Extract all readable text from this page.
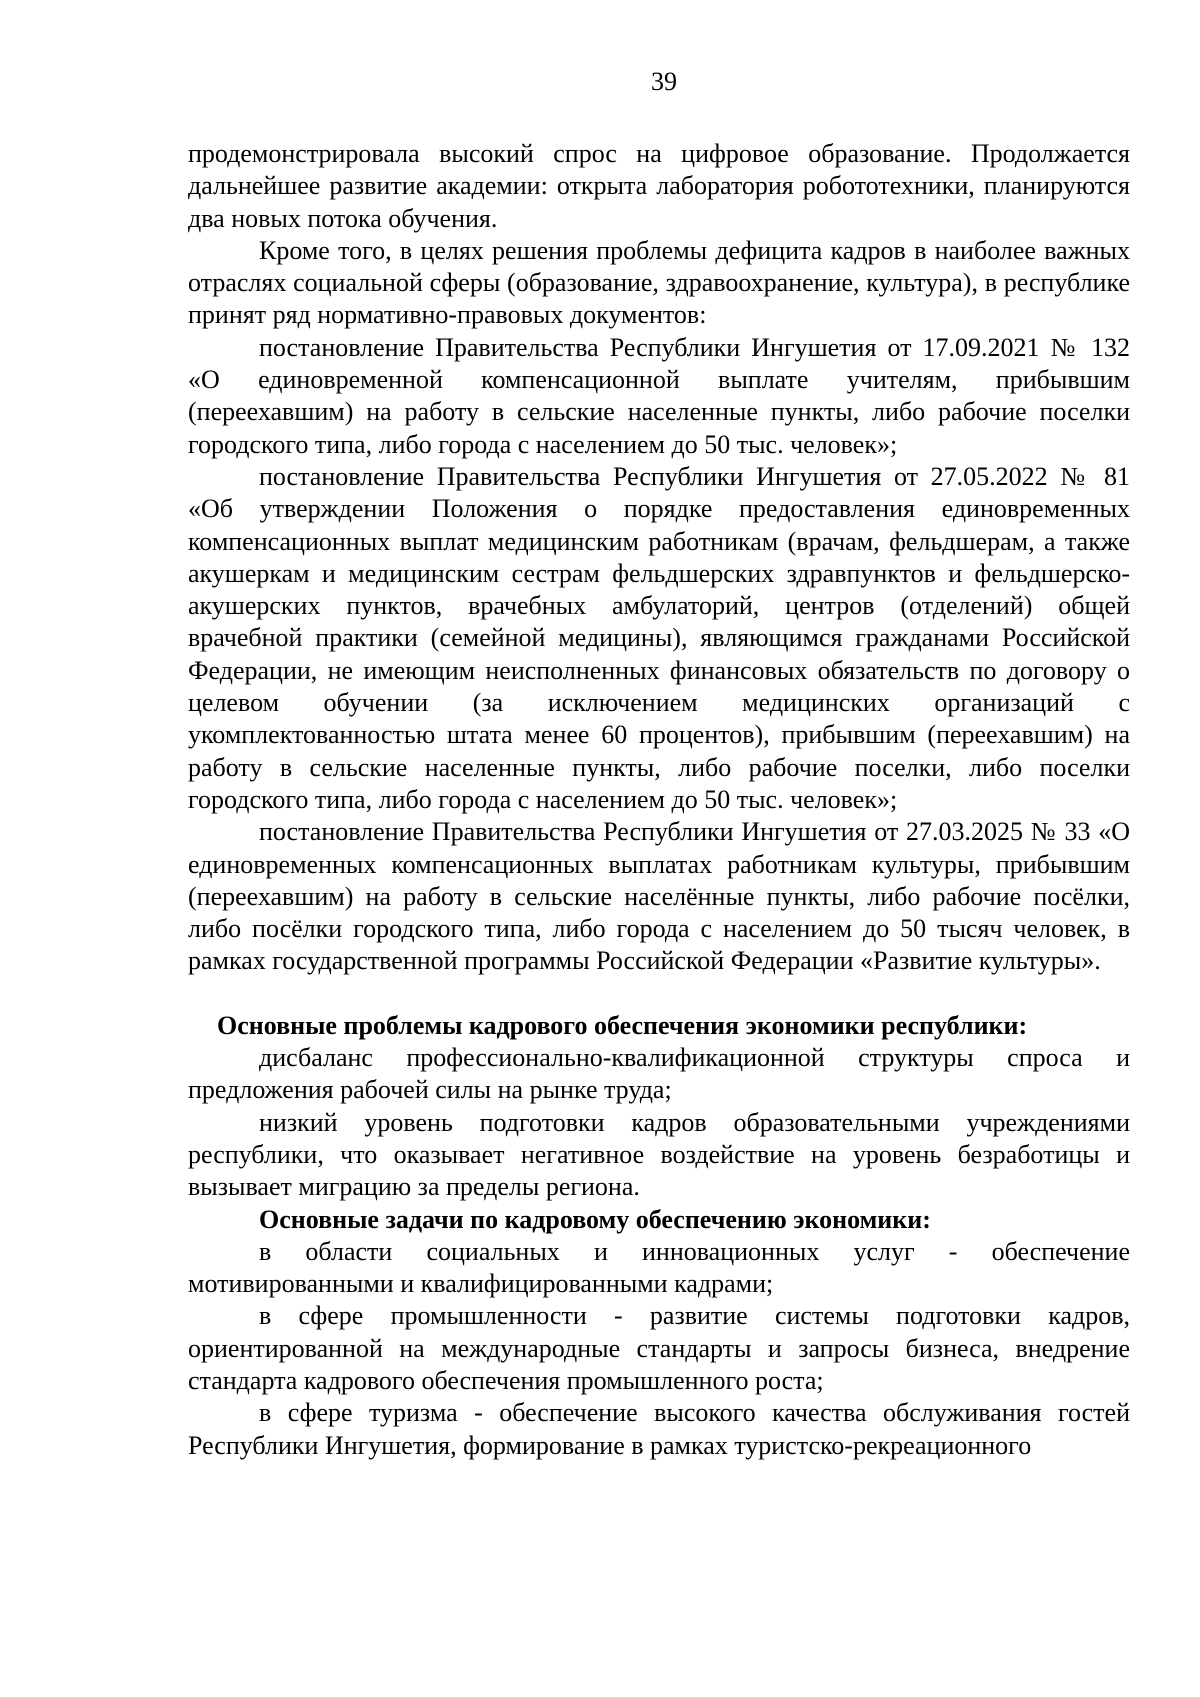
39

продемонстрировала высокий спрос на цифровое образование. Продолжается дальнейшее развитие академии: открыта лаборатория робототехники, планируются два новых потока обучения.

Кроме того, в целях решения проблемы дефицита кадров в наиболее важных отраслях социальной сферы (образование, здравоохранение, культура), в республике принят ряд нормативно-правовых документов:

постановление Правительства Республики Ингушетия от 17.09.2021 № 132 «О единовременной компенсационной выплате учителям, прибывшим (переехавшим) на работу в сельские населенные пункты, либо рабочие поселки городского типа, либо города с населением до 50 тыс. человек»;

постановление Правительства Республики Ингушетия от 27.05.2022 № 81 «Об утверждении Положения о порядке предоставления единовременных компенсационных выплат медицинским работникам (врачам, фельдшерам, а также акушеркам и медицинским сестрам фельдшерских здравпунктов и фельдшерско-акушерских пунктов, врачебных амбулаторий, центров (отделений) общей врачебной практики (семейной медицины), являющимся гражданами Российской Федерации, не имеющим неисполненных финансовых обязательств по договору о целевом обучении (за исключением медицинских организаций с укомплектованностью штата менее 60 процентов), прибывшим (переехавшим) на работу в сельские населенные пункты, либо рабочие поселки, либо поселки городского типа, либо города с населением до 50 тыс. человек»;

постановление Правительства Республики Ингушетия от 27.03.2025 № 33 «О единовременных компенсационных выплатах работникам культуры, прибывшим (переехавшим) на работу в сельские населённые пункты, либо рабочие посёлки, либо посёлки городского типа, либо города с населением до 50 тысяч человек, в рамках государственной программы Российской Федерации «Развитие культуры».

Основные проблемы кадрового обеспечения экономики республики:

дисбаланс профессионально-квалификационной структуры спроса и предложения рабочей силы на рынке труда;

низкий уровень подготовки кадров образовательными учреждениями республики, что оказывает негативное воздействие на уровень безработицы и вызывает миграцию за пределы региона.

Основные задачи по кадровому обеспечению экономики:

в области социальных и инновационных услуг - обеспечение мотивированными и квалифицированными кадрами;

в сфере промышленности - развитие системы подготовки кадров, ориентированной на международные стандарты и запросы бизнеса, внедрение стандарта кадрового обеспечения промышленного роста;

в сфере туризма - обеспечение высокого качества обслуживания гостей Республики Ингушетия, формирование в рамках туристско-рекреационного
